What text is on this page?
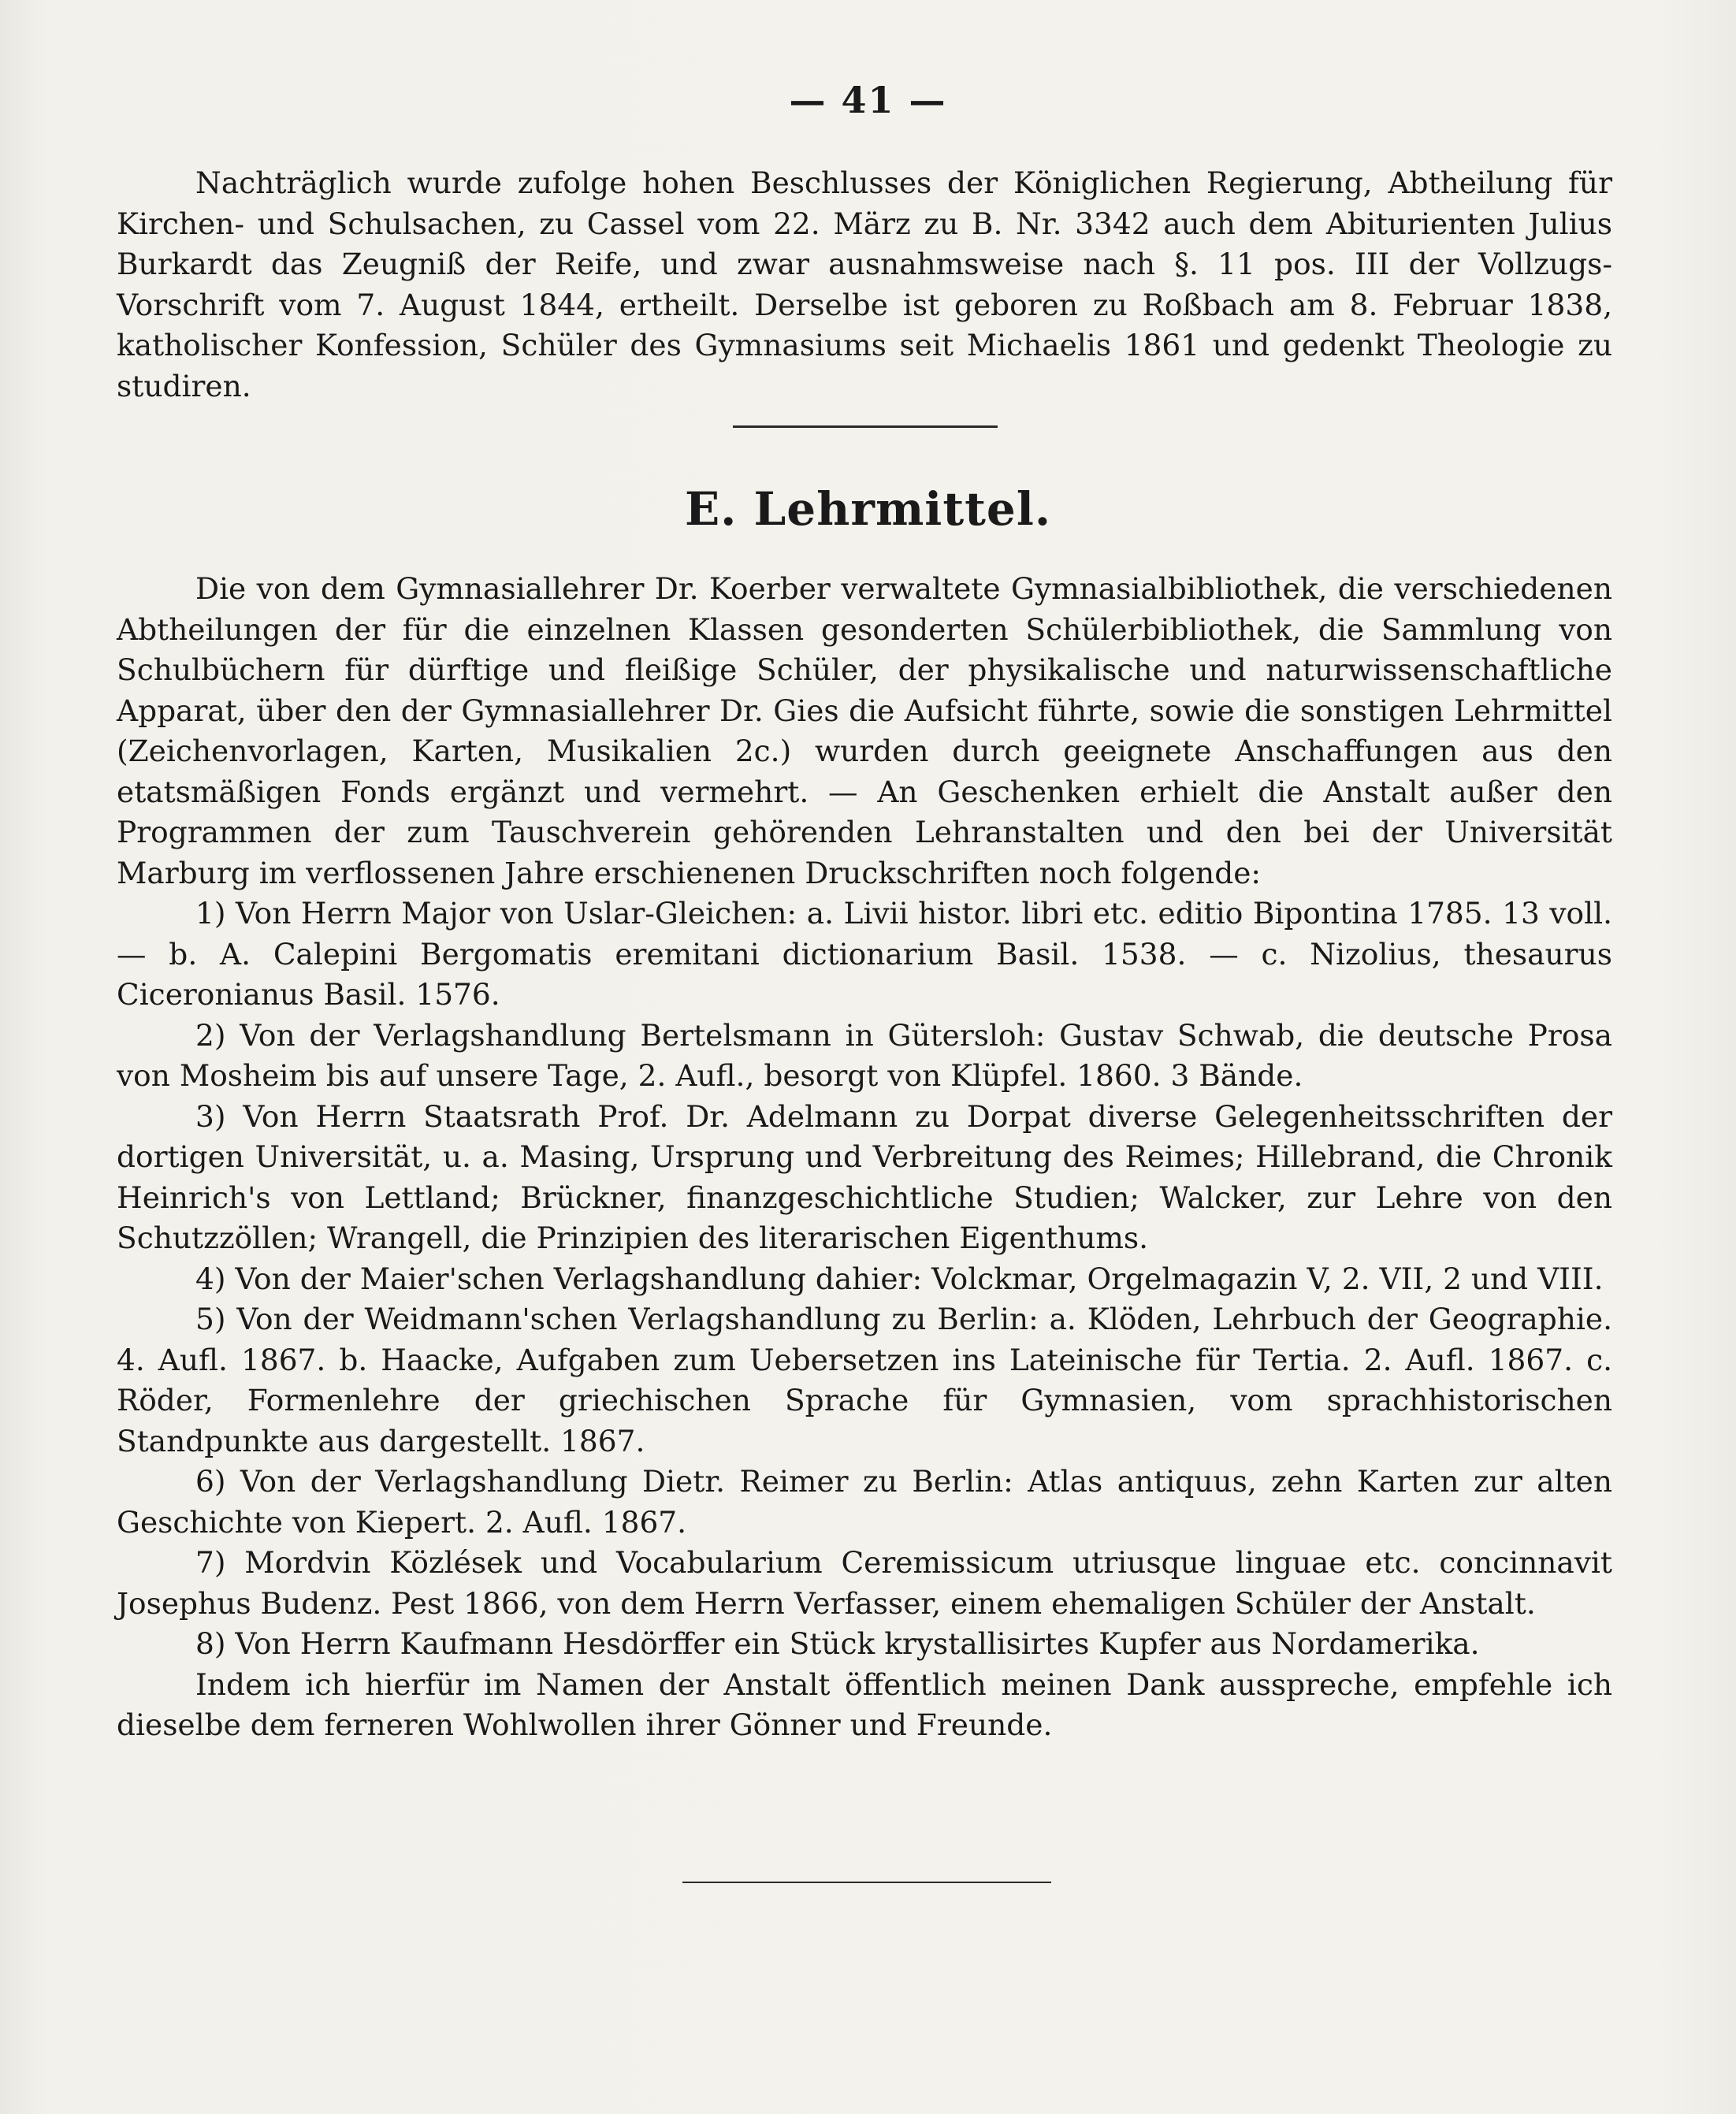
— 41 —

Nachträglich wurde zufolge hohen Beschlusses der Königlichen Regierung, Abtheilung für Kirchen- und Schulsachen, zu Cassel vom 22. März zu B. Nr. 3342 auch dem Abiturienten Julius Burkardt das Zeugniß der Reife, und zwar ausnahmsweise nach §. 11 pos. III der Vollzugs-Vorschrift vom 7. August 1844, ertheilt. Derselbe ist geboren zu Roßbach am 8. Februar 1838, katholischer Konfession, Schüler des Gymnasiums seit Michaelis 1861 und gedenkt Theologie zu studiren.

E. Lehrmittel.

Die von dem Gymnasiallehrer Dr. Koerber verwaltete Gymnasialbibliothek, die verschiedenen Abtheilungen der für die einzelnen Klassen gesonderten Schülerbibliothek, die Sammlung von Schulbüchern für dürftige und fleißige Schüler, der physikalische und naturwissenschaftliche Apparat, über den der Gymnasiallehrer Dr. Gies die Aufsicht führte, sowie die sonstigen Lehrmittel (Zeichenvorlagen, Karten, Musikalien 2c.) wurden durch geeignete Anschaffungen aus den etatsmäßigen Fonds ergänzt und vermehrt. — An Geschenken erhielt die Anstalt außer den Programmen der zum Tauschverein gehörenden Lehranstalten und den bei der Universität Marburg im verflossenen Jahre erschienenen Druckschriften noch folgende:

1) Von Herrn Major von Uslar-Gleichen: a. Livii histor. libri etc. editio Bipontina 1785. 13 voll. — b. A. Calepini Bergomatis eremitani dictionarium Basil. 1538. — c. Nizolius, thesaurus Ciceronianus Basil. 1576.

2) Von der Verlagshandlung Bertelsmann in Gütersloh: Gustav Schwab, die deutsche Prosa von Mosheim bis auf unsere Tage, 2. Aufl., besorgt von Klüpfel. 1860. 3 Bände.

3) Von Herrn Staatsrath Prof. Dr. Adelmann zu Dorpat diverse Gelegenheitsschriften der dortigen Universität, u. a. Masing, Ursprung und Verbreitung des Reimes; Hillebrand, die Chronik Heinrich's von Lettland; Brückner, finanzgeschichtliche Studien; Walcker, zur Lehre von den Schutzzöllen; Wrangell, die Prinzipien des literarischen Eigenthums.

4) Von der Maier'schen Verlagshandlung dahier: Volckmar, Orgelmagazin V, 2. VII, 2 und VIII.

5) Von der Weidmann'schen Verlagshandlung zu Berlin: a. Klöden, Lehrbuch der Geographie. 4. Aufl. 1867. b. Haacke, Aufgaben zum Uebersetzen ins Lateinische für Tertia. 2. Aufl. 1867. c. Röder, Formenlehre der griechischen Sprache für Gymnasien, vom sprachhistorischen Standpunkte aus dargestellt. 1867.

6) Von der Verlagshandlung Dietr. Reimer zu Berlin: Atlas antiquus, zehn Karten zur alten Geschichte von Kiepert. 2. Aufl. 1867.

7) Mordvin Közlések und Vocabularium Ceremissicum utriusque linguae etc. concinnavit Josephus Budenz. Pest 1866, von dem Herrn Verfasser, einem ehemaligen Schüler der Anstalt.

8) Von Herrn Kaufmann Hesdörffer ein Stück krystallisirtes Kupfer aus Nordamerika.

Indem ich hierfür im Namen der Anstalt öffentlich meinen Dank ausspreche, empfehle ich dieselbe dem ferneren Wohlwollen ihrer Gönner und Freunde.
